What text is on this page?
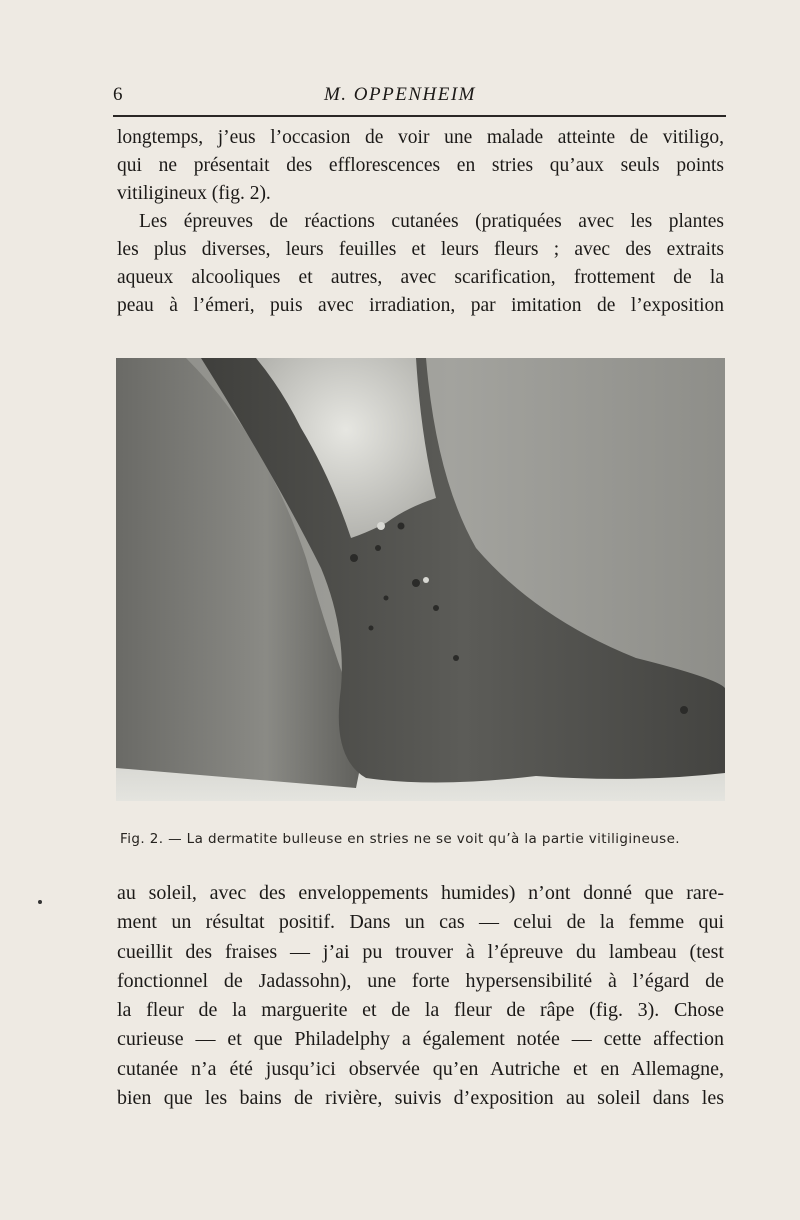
6	M. OPPENHEIM
longtemps, j’eus l’occasion de voir une malade atteinte de vitiligo,
qui ne présentait des efflorescences en stries qu’aux seuls points
vitiligineux (fig. 2).
Les épreuves de réactions cutanées (pratiquées avec les plantes
les plus diverses, leurs feuilles et leurs fleurs ; avec des extraits
aqueux alcooliques et autres, avec scarification, frottement de la
peau à l’émeri, puis avec irradiation, par imitation de l’exposition
Fig. 2. — La dermatite bulleuse en stries ne se voit qu’à la partie vitiligineuse.
au soleil, avec des enveloppements humides) n’ont donné que rare-
ment un résultat positif. Dans un cas — celui de la femme qui
cueillit des fraises — j’ai pu trouver à l’épreuve du lambeau (test
fonctionnel de Jadassohn), une forte hypersensibilité à l’égard de
la fleur de la marguerite et de la fleur de râpe (fig. 3). Chose
curieuse — et que Philadelphy a également notée — cette affection
cutanée n’a été jusqu’ici observée qu’en Autriche et en Allemagne,
bien que les bains de rivière, suivis d’exposition au soleil dans les
